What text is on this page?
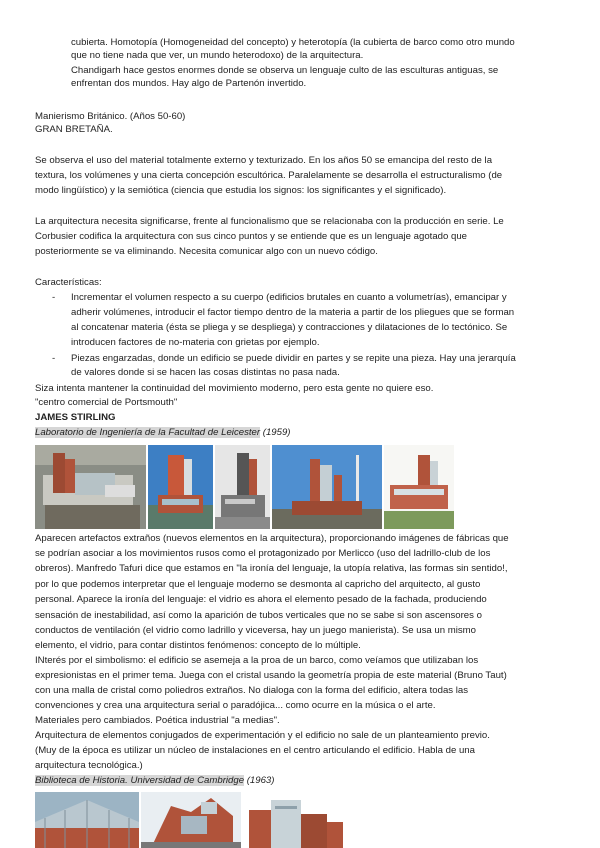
cubierta. Homotopía (Homogeneidad del concepto) y heterotopía (la cubierta de barco como otro mundo

que no tiene nada que ver, un mundo heterodoxo) de la arquitectura.

Chandigarh hace gestos enormes donde se observa un lenguaje culto de las esculturas antiguas, se

enfrentan dos mundos. Hay algo de Partenón invertido.

Manierismo Británico. (Años 50-60)

GRAN BRETAÑA.

Se observa el uso del material totalmente externo y texturizado. En los años 50 se emancipa del resto de la

textura, los volúmenes y una cierta concepción escultórica. Paralelamente se desarrolla el estructuralismo (de

modo lingüístico) y la semiótica (ciencia que estudia los signos: los significantes y el significado).

La arquitectura necesita significarse, frente al funcionalismo que se relacionaba con la producción en serie. Le

Corbusier codifica la arquitectura con sus cinco puntos y se entiende que es un lenguaje agotado que

posteriormente se va eliminando. Necesita comunicar algo con un nuevo código.

Características:

- Incrementar el volumen respecto a su cuerpo (edificios brutales en cuanto a volumetrías), emancipar y

adherir volúmenes, introducir el factor tiempo dentro de la materia a partir de los pliegues que se forman

al concatenar materia (ésta se pliega y se despliega) y contracciones y dilataciones de lo tectónico. Se

introducen factores de no-materia con grietas por ejemplo.

- Piezas engarzadas, donde un edificio se puede dividir en partes y se repite una pieza. Hay una jerarquía

de valores donde si se hacen las cosas distintas no pasa nada.

Siza intenta mantener la continuidad del movimiento moderno, pero esta gente no quiere eso.

"centro comercial de Portsmouth"

JAMES STIRLING

Laboratorio de Ingeniería de la Facultad de Leicester (1959)

Aparecen artefactos extraños (nuevos elementos en la arquitectura), proporcionando imágenes de fábricas que

se podrían asociar a los movimientos rusos como el protagonizado por Merlicco (uso del ladrillo-club de los

obreros). Manfredo Tafuri dice que estamos en "la ironía del lenguaje, la utopía relativa, las formas sin sentido!,

por lo que podemos interpretar que el lenguaje moderno se desmonta al capricho del arquitecto, al gusto

personal. Aparece la ironía del lenguaje: el vidrio es ahora el elemento pesado de la fachada, produciendo

sensación de inestabilidad, así como la aparición de tubos verticales que no se sabe si son ascensores o

conductos de ventilación (el vidrio como ladrillo y viceversa, hay un juego manierista). Se usa un mismo

elemento, el vidrio, para contar distintos fenómenos: concepto de lo múltiple.

INterés por el simbolismo: el edificio se asemeja a la proa de un barco, como veíamos que utilizaban los

expresionistas en el primer tema. Juega con el cristal usando la geometría propia de este material (Bruno Taut)

con una malla de cristal como poliedros extraños. No dialoga con la forma del edificio, altera todas las

convenciones y crea una arquitectura serial o paradójica... como ocurre en la música o el arte.

Materiales pero cambiados. Poética industrial "a medias".

Arquitectura de elementos conjugados de experimentación y el edificio no sale de un planteamiento previo.

(Muy de la época es utilizar un núcleo de instalaciones en el centro articulando el edificio. Habla de una

arquitectura tecnológica.)

Biblioteca de Historia. Universidad de Cambridge (1963)
